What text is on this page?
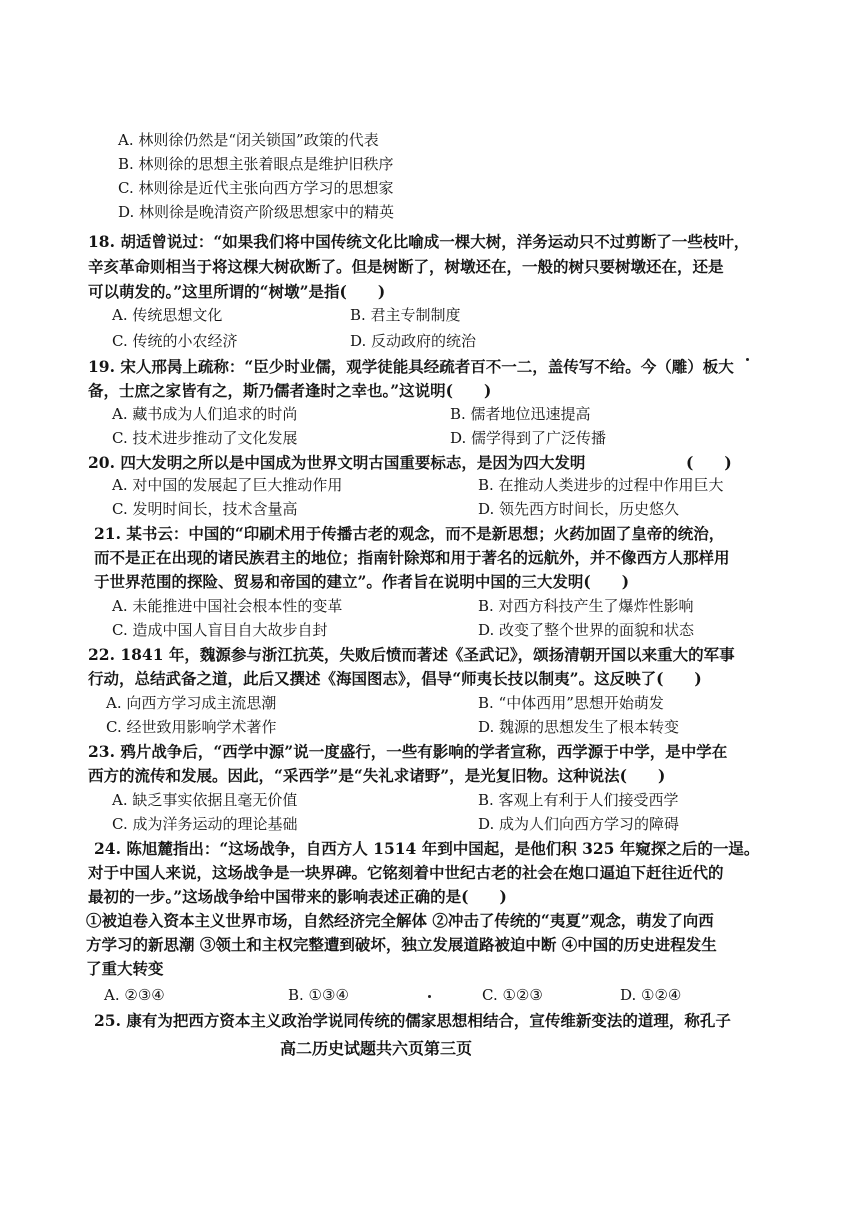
A. 林则徐仍然是“闭关锁国”政策的代表
B. 林则徐的思想主张着眼点是维护旧秩序
C. 林则徐是近代主张向西方学习的思想家
D. 林则徐是晚清资产阶级思想家中的精英
18. 胡适曾说过：“如果我们将中国传统文化比喻成一棵大树，洋务运动只不过剪断了一些枝叶，
辛亥革命则相当于将这棵大树砍断了。但是树断了，树墩还在，一般的树只要树墩还在，还是
可以萌发的。”这里所谓的“树墩”是指(　　)
A. 传统思想文化	B. 君主专制制度
C. 传统的小农经济	D. 反动政府的统治
19. 宋人邢昺上疏称：“臣少时业儒，观学徒能具经疏者百不一二，盖传写不给。今（雕）板大
备，士庶之家皆有之，斯乃儒者逢时之幸也。”这说明(　　)
A. 藏书成为人们追求的时尚	B. 儒者地位迅速提高
C. 技术进步推动了文化发展	D. 儒学得到了广泛传播
20. 四大发明之所以是中国成为世界文明古国重要标志，是因为四大发明	(　　)
A. 对中国的发展起了巨大推动作用	B. 在推动人类进步的过程中作用巨大
C. 发明时间长，技术含量高	D. 领先西方时间长，历史悠久
21. 某书云：中国的“印刷术用于传播古老的观念，而不是新思想；火药加固了皇帝的统治，
而不是正在出现的诸民族君主的地位；指南针除郑和用于著名的远航外，并不像西方人那样用
于世界范围的探险、贸易和帝国的建立”。作者旨在说明中国的三大发明(　　)
A. 未能推进中国社会根本性的变革	B. 对西方科技产生了爆炸性影响
C. 造成中国人盲目自大故步自封	D. 改变了整个世界的面貌和状态
22. 1841 年，魏源参与浙江抗英，失败后愤而著述《圣武记》，颂扬清朝开国以来重大的军事
行动，总结武备之道，此后又撰述《海国图志》，倡导“师夷长技以制夷”。这反映了(　　)
A. 向西方学习成主流思潮	B. “中体西用”思想开始萌发
C. 经世致用影响学术著作	D. 魏源的思想发生了根本转变
23. 鸦片战争后，“西学中源”说一度盛行，一些有影响的学者宣称，西学源于中学，是中学在
西方的流传和发展。因此，“采西学”是“失礼求诸野”，是光复旧物。这种说法(　　)
A. 缺乏事实依据且毫无价值	B. 客观上有利于人们接受西学
C. 成为洋务运动的理论基础	D. 成为人们向西方学习的障碍
24. 陈旭麓指出：“这场战争，自西方人 1514 年到中国起，是他们积 325 年窥探之后的一逞。
对于中国人来说，这场战争是一块界碑。它铭刻着中世纪古老的社会在炮口逼迫下赶往近代的
最初的一步。”这场战争给中国带来的影响表述正确的是(　　)
①被迫卷入资本主义世界市场，自然经济完全解体 ②冲击了传统的“夷夏”观念，萌发了向西
方学习的新思潮 ③领土和主权完整遭到破坏，独立发展道路被迫中断 ④中国的历史进程发生
了重大转变
A. ②③④	B. ①③④	C. ①②③	D. ①②④
25. 康有为把西方资本主义政治学说同传统的儒家思想相结合，宣传维新变法的道理，称孔子
高二历史试题共六页第三页
